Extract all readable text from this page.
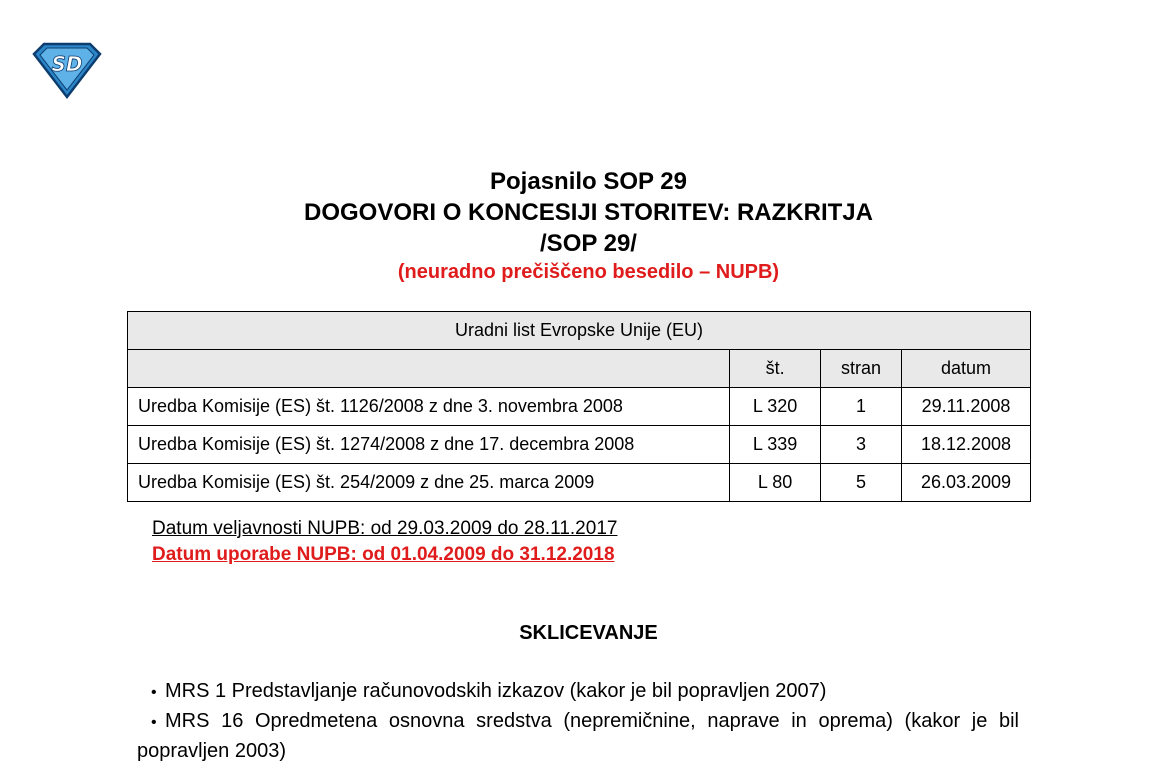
SD
Pojasnilo SOP 29
DOGOVORI O KONCESIJI STORITEV: RAZKRITJA
/SOP 29/
(neuradno prečiščeno besedilo – NUPB)
Uradni list Evropske Unije (EU)			
	št.	stran	datum
Uredba Komisije (ES) št. 1126/2008 z dne 3. novembra 2008	L 320	1	29.11.2008
Uredba Komisije (ES) št. 1274/2008 z dne 17. decembra 2008	L 339	3	18.12.2008
Uredba Komisije (ES) št. 254/2009 z dne 25. marca 2009	L 80	5	26.03.2009
Datum veljavnosti NUPB: od 29.03.2009 do 28.11.2017
Datum uporabe NUPB: od 01.04.2009 do 31.12.2018
SKLICEVANJE
• MRS 1 Predstavljanje računovodskih izkazov (kakor je bil popravljen 2007)
• MRS 16 Opredmetena osnovna sredstva (nepremičnine, naprave in oprema) (kakor je bil popravljen 2003)
